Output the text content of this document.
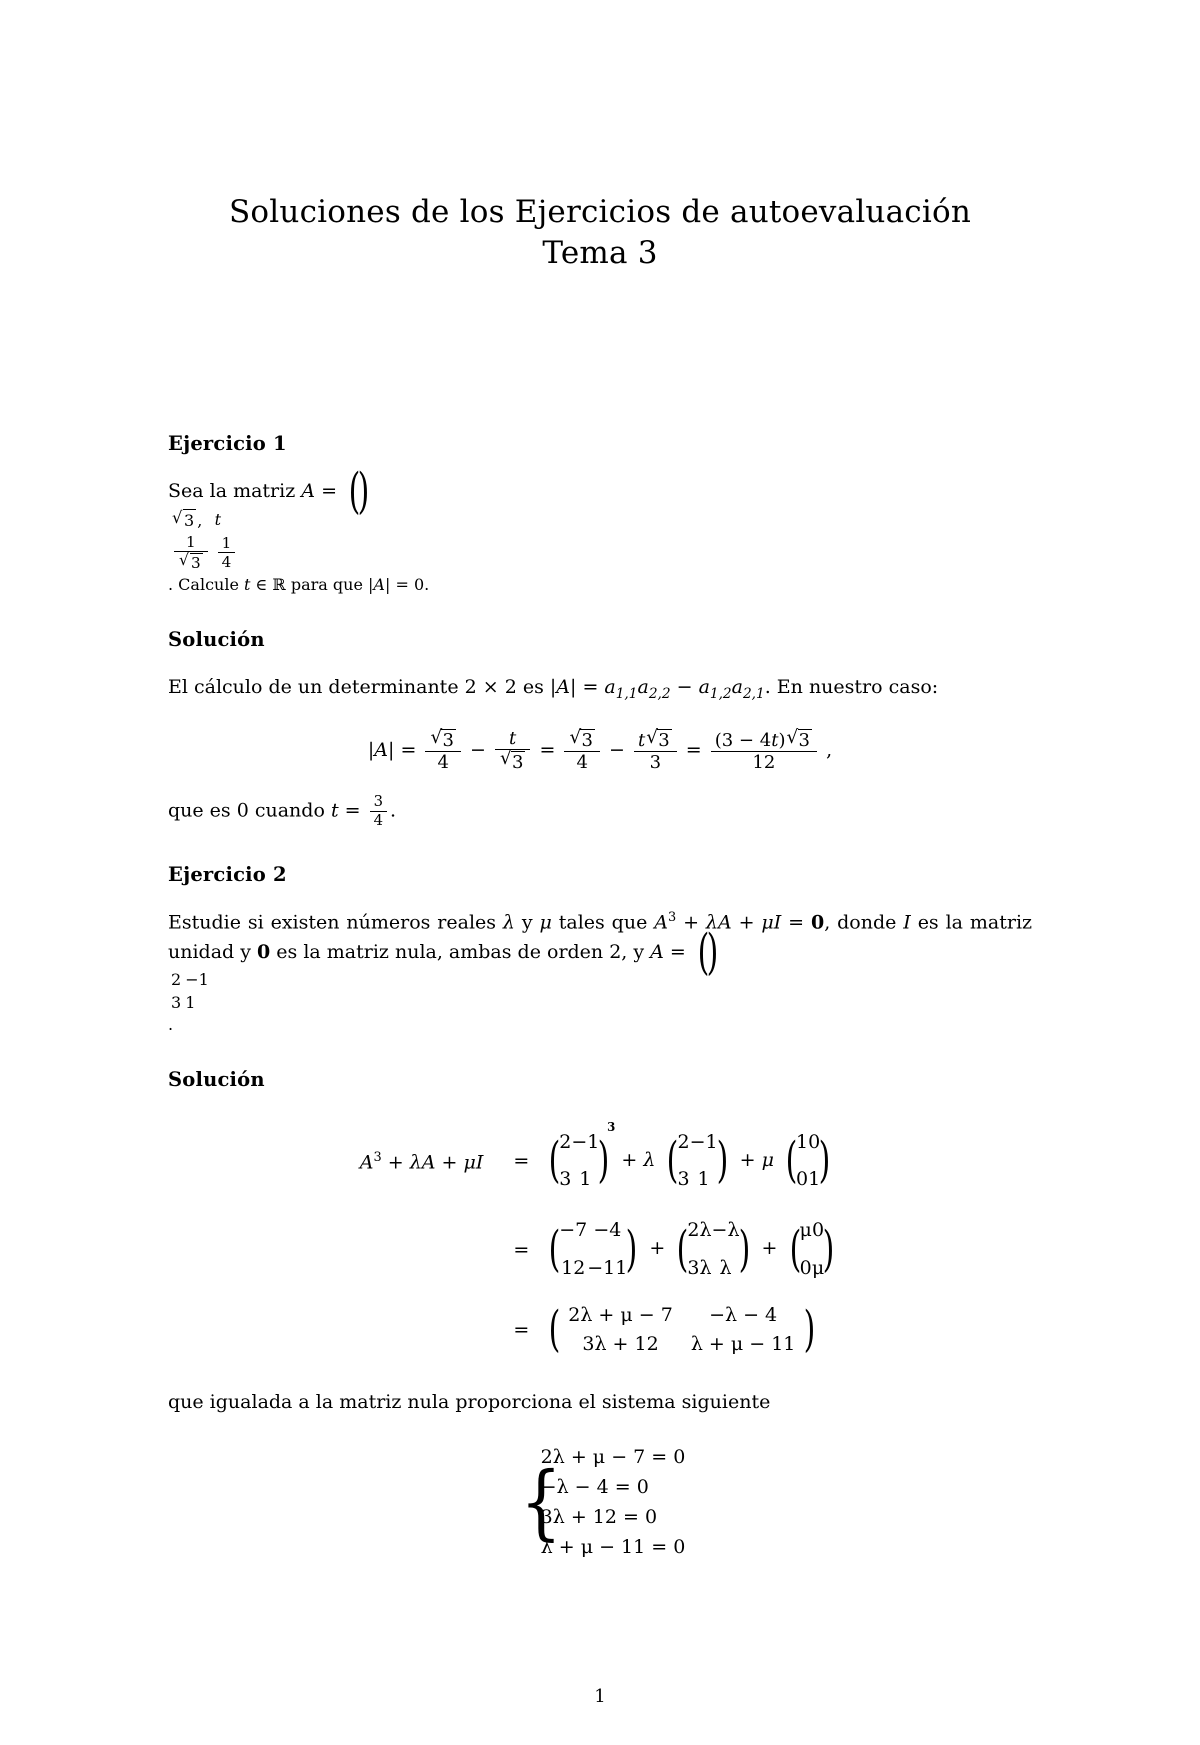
Soluciones de los Ejercicios de autoevaluación
Tema 3
Ejercicio 1

Sea la matriz A =

√ 3 ,	t

1
√ 3	$\frac{1}{4}$
. Calcule t ∈ ℝ para que |A| = 0.

Solución

El cálculo de un determinante 2 × 2 es $|A| = a_{1,1}a_{2,2} - a_{1,2}a_{2,1}$. En nuestro caso:

|A| = √ $\frac{3}{4} - t$
√ 3 = √ $\frac{3}{4} - \frac{t √ 3}{3} = \frac{(3 - 4t) √ 3}{12}$ ,

que es 0 cuando $t = \frac{3}{4}$ .

Ejercicio 2

Estudie si existen números reales λ y μ tales que $A^3 + \lambda A + \mu I = 0$, donde I es la matriz unidad y 0 es la matriz nula, ambas de orden 2, y A =

2	−1
3	1
.

Solución
$A^3 + \lambda A + \mu I$	=	
( 3
2	−1
3	1
) + λ
( 2	−1
3	1
) + μ
( 1	0
0	1
)
	=	
( −7	−4
12	−11
) +
( 2λ	−λ
3λ	λ
) +
( μ	0
0	μ
)
	=	
( 2λ + μ − 7	−λ − 4
3λ + 12	λ + μ − 11
)

que igualada a la matriz nula proporciona el sistema siguiente

{ 2λ + μ − 7 = 0
−λ − 4 = 0
3λ + 12 = 0
λ + μ − 11 = 0
1
